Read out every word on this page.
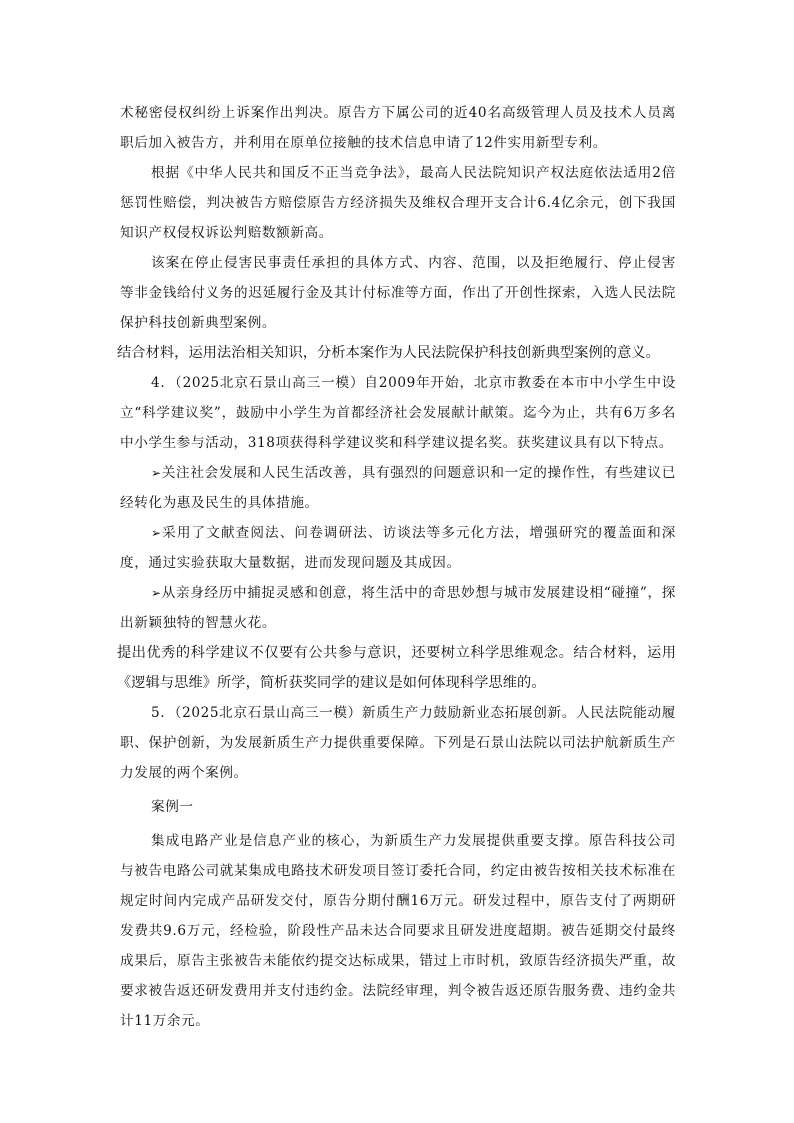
术秘密侵权纠纷上诉案作出判决。原告方下属公司的近40名高级管理人员及技术人员离职后加入被告方，并利用在原单位接触的技术信息申请了12件实用新型专利。

根据《中华人民共和国反不正当竞争法》，最高人民法院知识产权法庭依法适用2倍惩罚性赔偿，判决被告方赔偿原告方经济损失及维权合理开支合计6.4亿余元，创下我国知识产权侵权诉讼判赔数额新高。

该案在停止侵害民事责任承担的具体方式、内容、范围，以及拒绝履行、停止侵害等非金钱给付义务的迟延履行金及其计付标准等方面，作出了开创性探索，入选人民法院保护科技创新典型案例。

结合材料，运用法治相关知识，分析本案作为人民法院保护科技创新典型案例的意义。

4．（2025北京石景山高三一模）自2009年开始，北京市教委在本市中小学生中设立“科学建议奖”，鼓励中小学生为首都经济社会发展献计献策。迄今为止，共有6万多名中小学生参与活动，318项获得科学建议奖和科学建议提名奖。获奖建议具有以下特点。

➢关注社会发展和人民生活改善，具有强烈的问题意识和一定的操作性，有些建议已经转化为惠及民生的具体措施。

➢采用了文献查阅法、问卷调研法、访谈法等多元化方法，增强研究的覆盖面和深度，通过实验获取大量数据，进而发现问题及其成因。

➢从亲身经历中捕捉灵感和创意，将生活中的奇思妙想与城市发展建设相“碰撞”，探出新颖独特的智慧火花。

提出优秀的科学建议不仅要有公共参与意识，还要树立科学思维观念。结合材料，运用《逻辑与思维》所学，简析获奖同学的建议是如何体现科学思维的。

5．（2025北京石景山高三一模）新质生产力鼓励新业态拓展创新。人民法院能动履职、保护创新，为发展新质生产力提供重要保障。下列是石景山法院以司法护航新质生产力发展的两个案例。

案例一

集成电路产业是信息产业的核心，为新质生产力发展提供重要支撑。原告科技公司与被告电路公司就某集成电路技术研发项目签订委托合同，约定由被告按相关技术标准在规定时间内完成产品研发交付，原告分期付酬16万元。研发过程中，原告支付了两期研发费共9.6万元，经检验，阶段性产品未达合同要求且研发进度超期。被告延期交付最终成果后，原告主张被告未能依约提交达标成果，错过上市时机，致原告经济损失严重，故要求被告返还研发费用并支付违约金。法院经审理，判令被告返还原告服务费、违约金共计11万余元。
